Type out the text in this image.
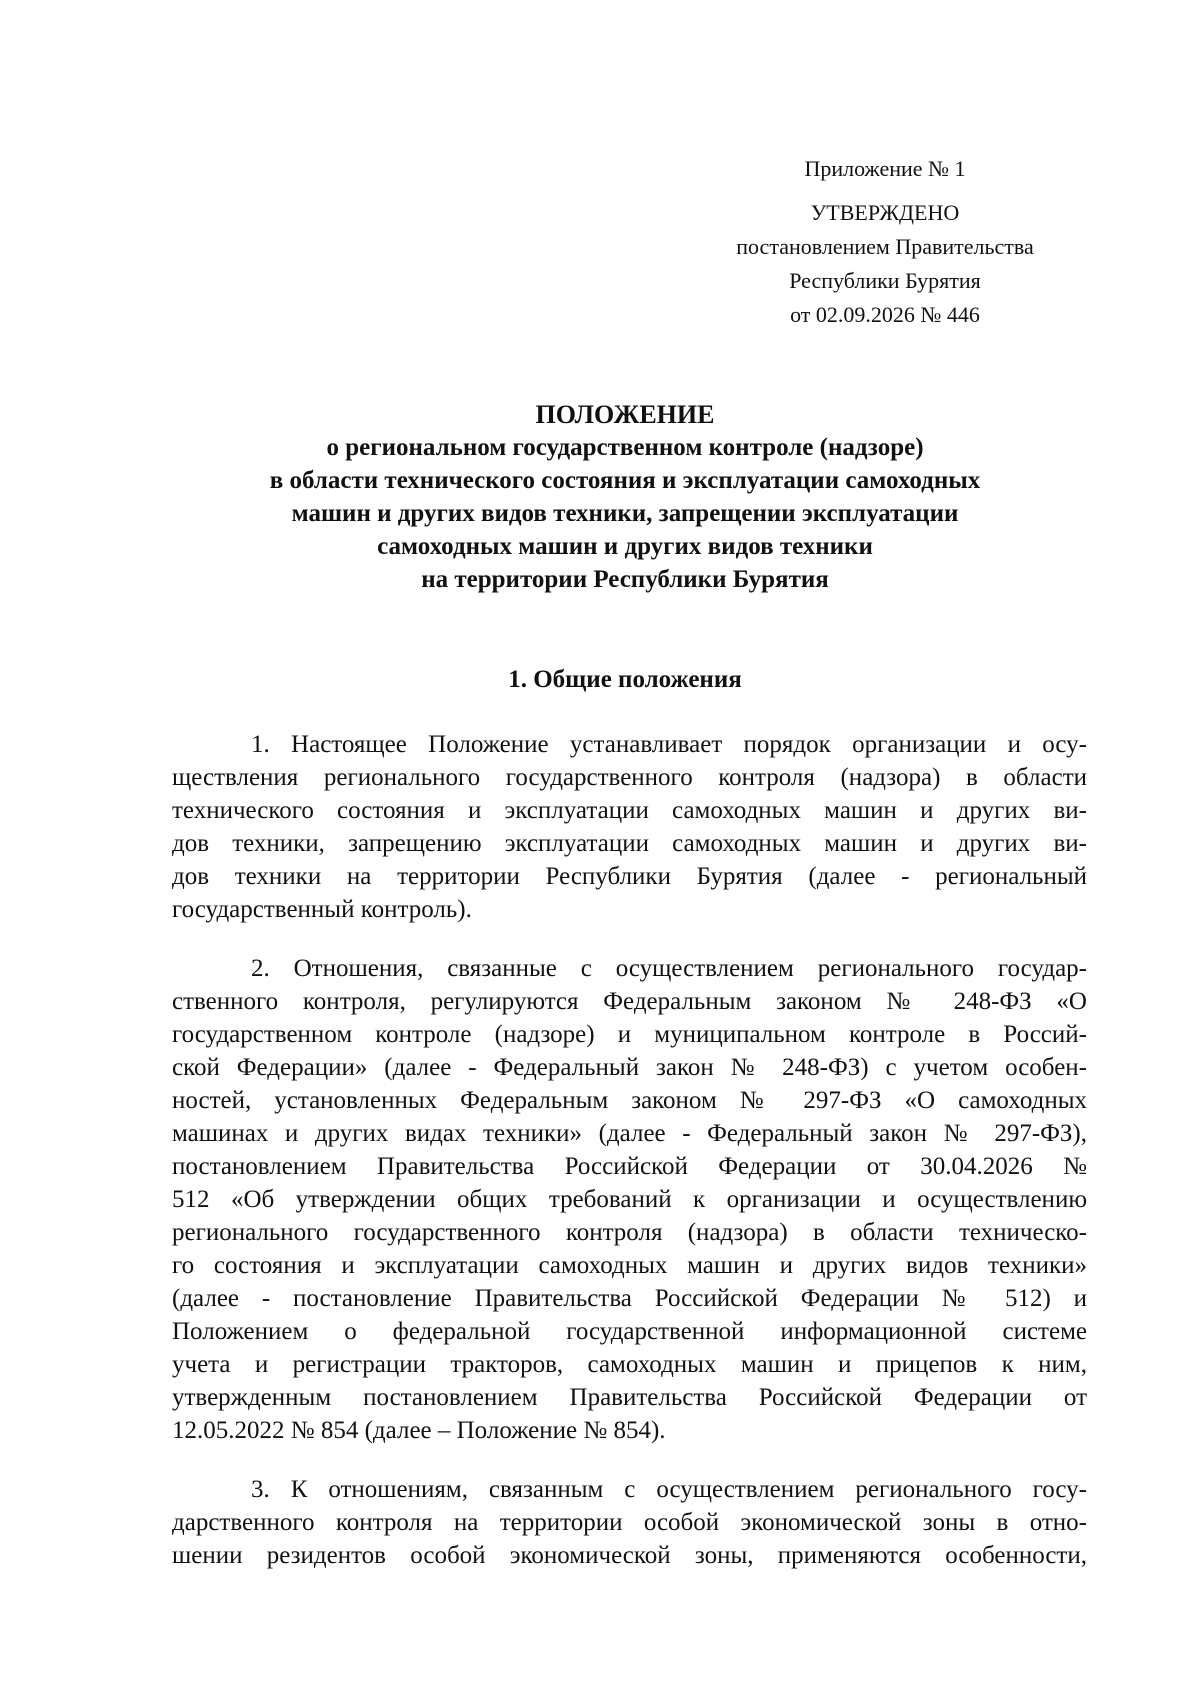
Приложение № 1
УТВЕРЖДЕНО
постановлением Правительства
Республики Бурятия
от 02.09.2026 № 446
ПОЛОЖЕНИЕ
о региональном государственном контроле (надзоре)
в области технического состояния и эксплуатации самоходных
машин и других видов техники, запрещении эксплуатации
самоходных машин и других видов техники
на территории Республики Бурятия
1. Общие положения
1. Настоящее Положение устанавливает порядок организации и осу-
ществления регионального государственного контроля (надзора) в области
технического состояния и эксплуатации самоходных машин и других ви-
дов техники, запрещению эксплуатации самоходных машин и других ви-
дов техники на территории Республики Бурятия (далее - региональный
государственный контроль).
2. Отношения, связанные с осуществлением регионального государ-
ственного контроля, регулируются Федеральным законом № 248-ФЗ «О
государственном контроле (надзоре) и муниципальном контроле в Россий-
ской Федерации» (далее - Федеральный закон № 248-ФЗ) с учетом особен-
ностей, установленных Федеральным законом № 297-ФЗ «О самоходных
машинах и других видах техники» (далее - Федеральный закон № 297-ФЗ),
постановлением Правительства Российской Федерации от 30.04.2026 №
512 «Об утверждении общих требований к организации и осуществлению
регионального государственного контроля (надзора) в области техническо-
го состояния и эксплуатации самоходных машин и других видов техники»
(далее - постановление Правительства Российской Федерации № 512) и
Положением о федеральной государственной информационной системе
учета и регистрации тракторов, самоходных машин и прицепов к ним,
утвержденным постановлением Правительства Российской Федерации от
12.05.2022 № 854 (далее – Положение № 854).
3. К отношениям, связанным с осуществлением регионального госу-
дарственного контроля на территории особой экономической зоны в отно-
шении резидентов особой экономической зоны, применяются особенности,
